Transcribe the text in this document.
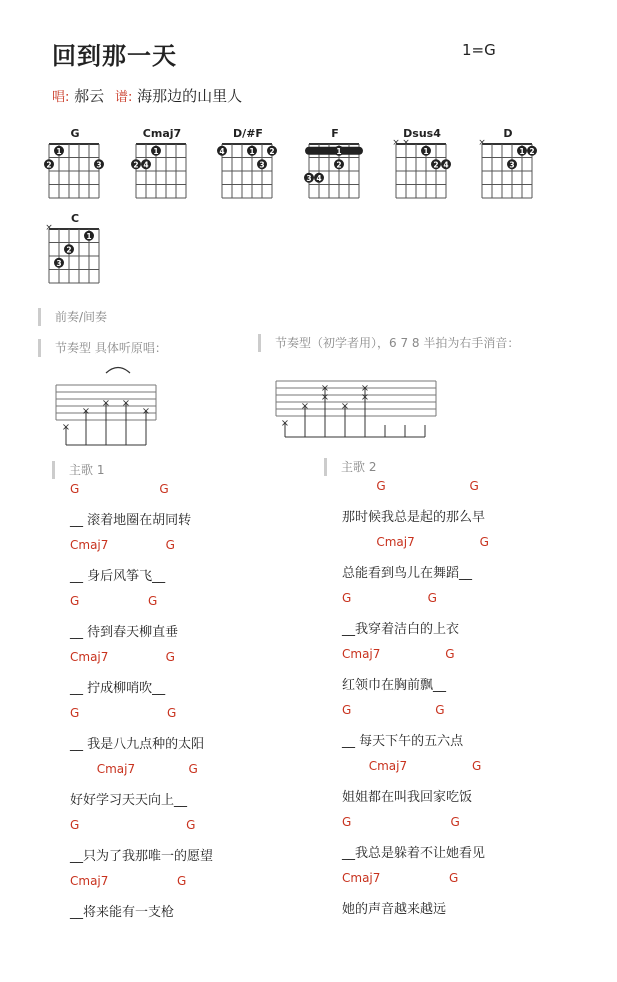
回到那一天	1=G
唱: 郝云 谱: 海那边的山里人
G
1
2	3
Cmaj7
1
2 4
D/#F
4	1 2
3
F
1
2
3 4
Dsus4
× ×
1
2 4
D
×
1 2
3
C
×
1
2
3
前奏/间奏
节奏型 具体听原唱：	节奏型（初学者用），6 7 8 半拍为右手消音：
×
×
× ×
×
×
×
×
×
×
×
×
主歌 1	主歌 2
G                     G
__ 滚着地圈在胡同转
Cmaj7               G
__ 身后风筝飞__
G                  G
__ 待到春天柳直垂
Cmaj7               G
__ 拧成柳哨吹__
G                       G
__ 我是八九点种的太阳
Cmaj7              G
好好学习天天向上__
G                            G
__只为了我那唯一的愿望
Cmaj7                  G
__将来能有一支枪
G                      G
那时候我总是起的那么早
Cmaj7                 G
总能看到鸟儿在舞蹈__
G                    G
__我穿着洁白的上衣
Cmaj7                 G
红领巾在胸前飘__
G                      G
__ 每天下午的五六点
Cmaj7                 G
姐姐都在叫我回家吃饭
G                          G
__我总是躲着不让她看见
Cmaj7                  G
她的声音越来越远
